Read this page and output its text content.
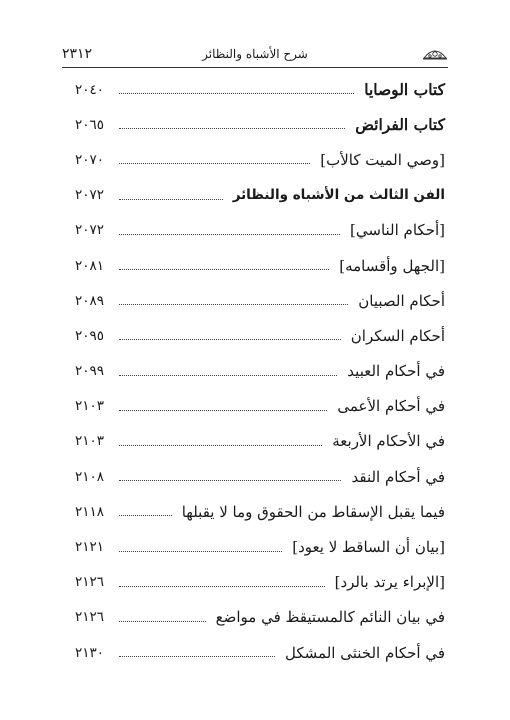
٢٣١٢	شرح الأشباه والنظائر
كتاب الوصايا
٢٠٤٠
كتاب الفرائض
٢٠٦٥
[وصي الميت كالأب]
٢٠٧٠
الفن الثالث من الأشباه والنظائر
٢٠٧٢
[أحكام الناسي]
٢٠٧٢
[الجهل وأقسامه]
٢٠٨١
أحكام الصبيان
٢٠٨٩
أحكام السكران
٢٠٩٥
في أحكام العبيد
٢٠٩٩
في أحكام الأعمى
٢١٠٣
في الأحكام الأربعة
٢١٠٣
في أحكام النقد
٢١٠٨
فيما يقبل الإسقاط من الحقوق وما لا يقبلها
٢١١٨
[بيان أن الساقط لا يعود]
٢١٢١
[الإبراء يرتد بالرد]
٢١٢٦
في بيان النائم كالمستيقظ في مواضع
٢١٢٦
في أحكام الخنثى المشكل
٢١٣٠
